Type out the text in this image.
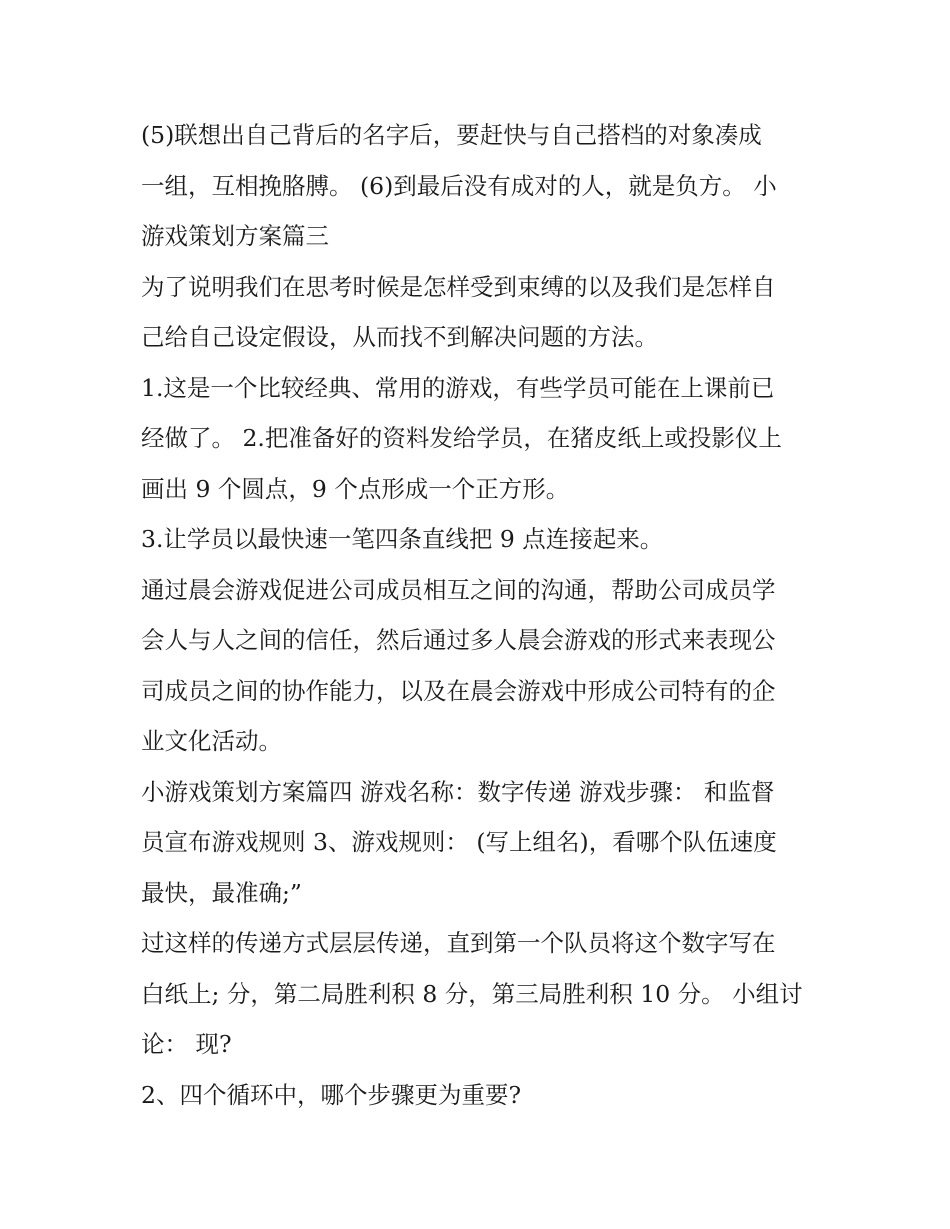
(5)联想出自己背后的名字后，要赶快与自己搭档的对象凑成
一组，互相挽胳膊。 (6)到最后没有成对的人，就是负方。 小
游戏策划方案篇三
为了说明我们在思考时候是怎样受到束缚的以及我们是怎样自
己给自己设定假设，从而找不到解决问题的方法。
1.这是一个比较经典、常用的游戏，有些学员可能在上课前已
经做了。 2.把准备好的资料发给学员，在猪皮纸上或投影仪上
画出 9 个圆点，9 个点形成一个正方形。
3.让学员以最快速一笔四条直线把 9 点连接起来。
通过晨会游戏促进公司成员相互之间的沟通，帮助公司成员学
会人与人之间的信任，然后通过多人晨会游戏的形式来表现公
司成员之间的协作能力，以及在晨会游戏中形成公司特有的企
业文化活动。
小游戏策划方案篇四 游戏名称：数字传递 游戏步骤： 和监督
员宣布游戏规则 3、游戏规则： (写上组名)，看哪个队伍速度
最快，最准确;”
过这样的传递方式层层传递，直到第一个队员将这个数字写在
白纸上; 分，第二局胜利积 8 分，第三局胜利积 10 分。 小组讨
论： 现?
2、四个循环中，哪个步骤更为重要?
